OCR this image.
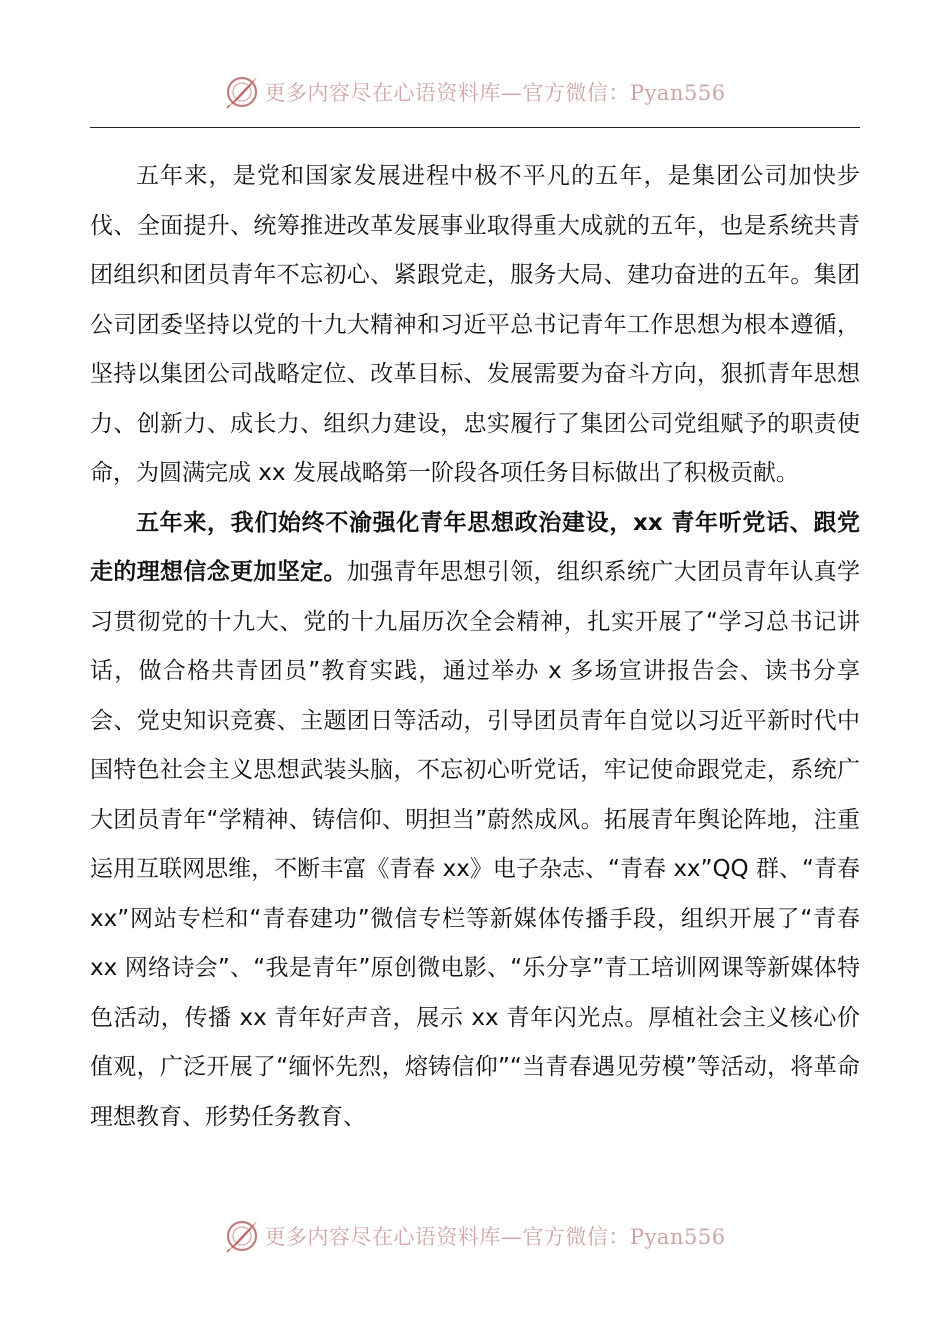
更多内容尽在心语资料库—官方微信：Pyan556

五年来，是党和国家发展进程中极不平凡的五年，是集团公司加快步伐、全面提升、统筹推进改革发展事业取得重大成就的五年，也是系统共青团组织和团员青年不忘初心、紧跟党走，服务大局、建功奋进的五年。集团公司团委坚持以党的十九大精神和习近平总书记青年工作思想为根本遵循，坚持以集团公司战略定位、改革目标、发展需要为奋斗方向，狠抓青年思想力、创新力、成长力、组织力建设，忠实履行了集团公司党组赋予的职责使命，为圆满完成 xx 发展战略第一阶段各项任务目标做出了积极贡献。

五年来，我们始终不渝强化青年思想政治建设，xx 青年听党话、跟党走的理想信念更加坚定。加强青年思想引领，组织系统广大团员青年认真学习贯彻党的十九大、党的十九届历次全会精神，扎实开展了“学习总书记讲话，做合格共青团员”教育实践，通过举办 x 多场宣讲报告会、读书分享会、党史知识竞赛、主题团日等活动，引导团员青年自觉以习近平新时代中国特色社会主义思想武装头脑，不忘初心听党话，牢记使命跟党走，系统广大团员青年“学精神、铸信仰、明担当”蔚然成风。拓展青年舆论阵地，注重运用互联网思维，不断丰富《青春 xx》电子杂志、“青春 xx”QQ 群、“青春 xx”网站专栏和“青春建功”微信专栏等新媒体传播手段，组织开展了“青春 xx 网络诗会”、“我是青年”原创微电影、“乐分享”青工培训网课等新媒体特色活动，传播 xx 青年好声音，展示 xx 青年闪光点。厚植社会主义核心价值观，广泛开展了“缅怀先烈，熔铸信仰”“当青春遇见劳模”等活动，将革命理想教育、形势任务教育、

更多内容尽在心语资料库—官方微信：Pyan556
